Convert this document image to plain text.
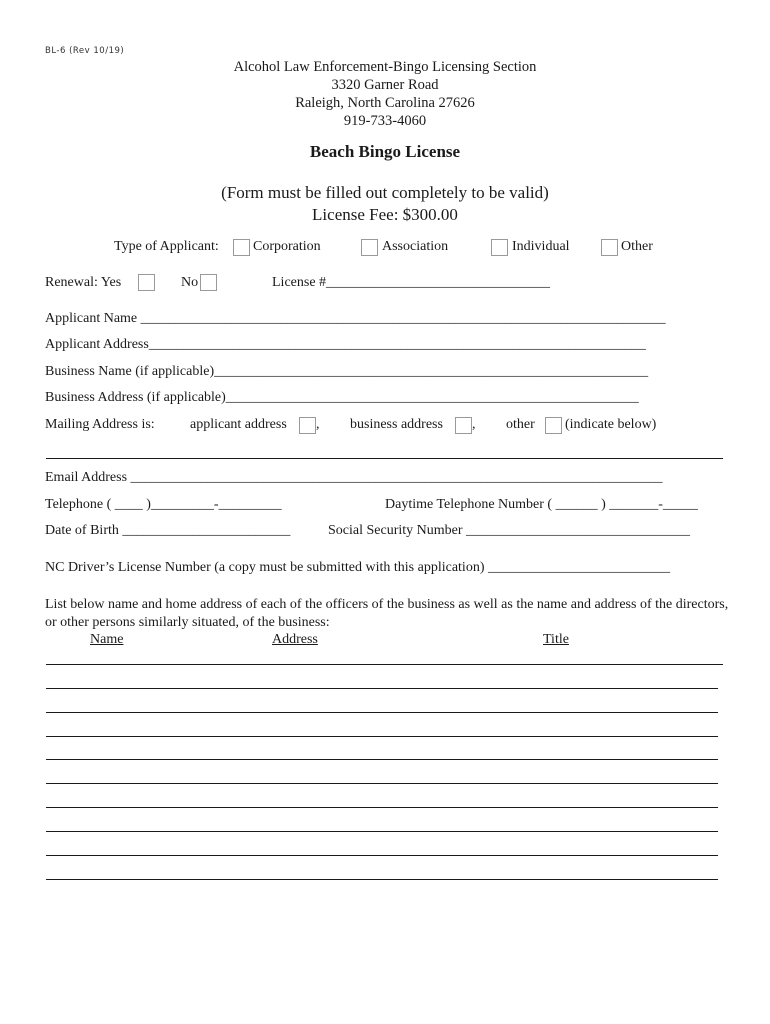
BL-6 (Rev 10/19)
Alcohol Law Enforcement-Bingo Licensing Section
3320 Garner Road
Raleigh, North Carolina 27626
919-733-4060
Beach Bingo License
(Form must be filled out completely to be valid)
License Fee: $300.00
Type of Applicant: Corporation	Association	Individual	Other
Renewal: Yes	No	License #________________________________
Applicant Name ___________________________________________________________________________
Applicant Address_______________________________________________________________________
Business Name (if applicable)______________________________________________________________
Business Address (if applicable)___________________________________________________________
Mailing Address is:	applicant address , business address , other (indicate below)
Email Address ____________________________________________________________________________
Telephone ( ____ )_________-_________	Daytime Telephone Number ( ______ ) _______-_____
Date of Birth ________________________	Social Security Number ________________________________
NC Driver’s License Number (a copy must be submitted with this application) __________________________
List below name and home address of each of the officers of the business as well as the name and address of the directors, or other persons similarly situated, of the business:
Name	Address	Title
